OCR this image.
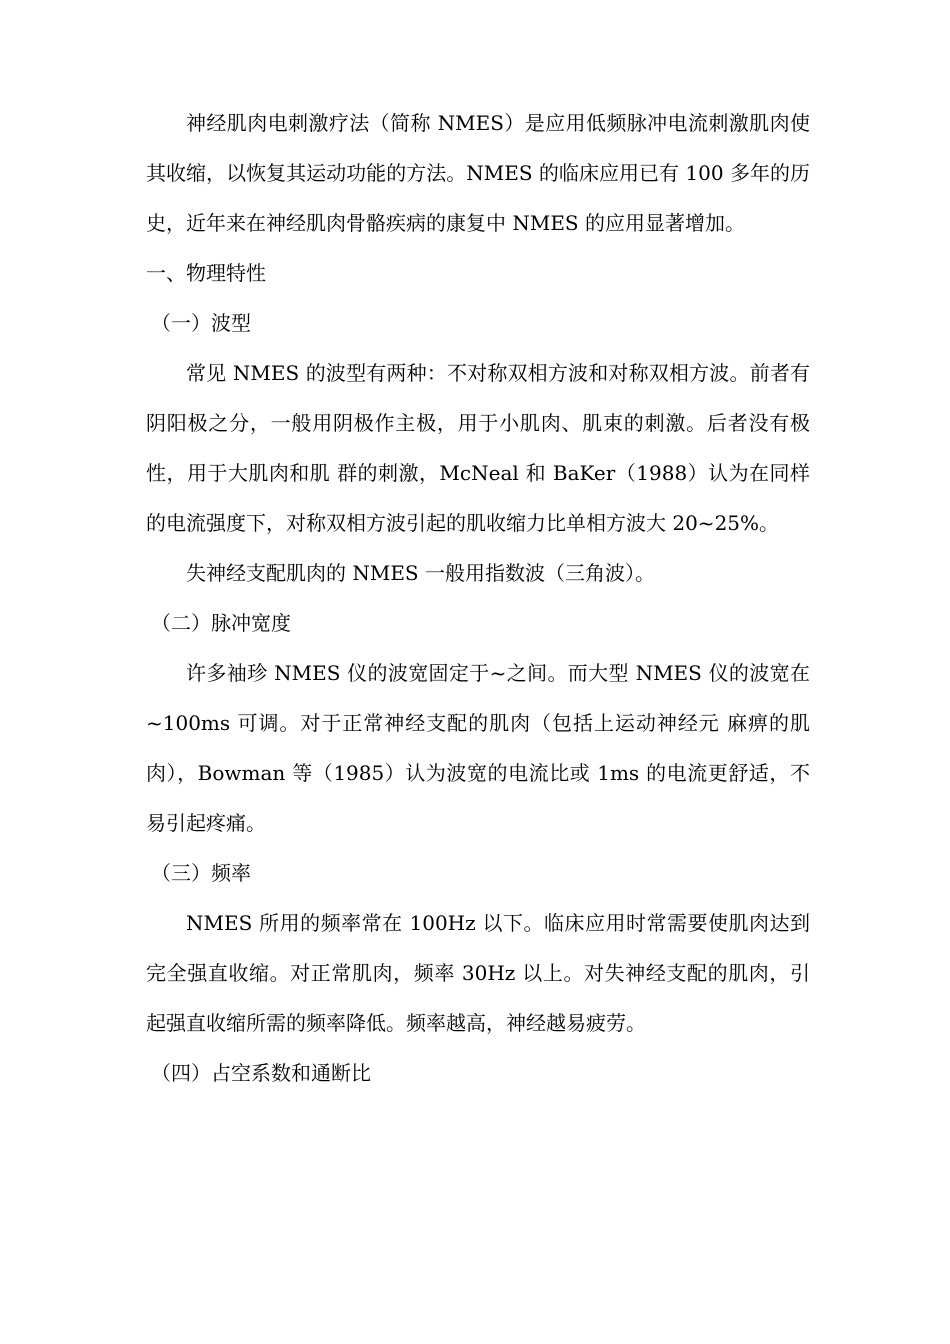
神经肌肉电刺激疗法（简称 NMES）是应用低频脉冲电流刺激肌肉使其收缩，以恢复其运动功能的方法。NMES 的临床应用已有 100 多年的历史，近年来在神经肌肉骨骼疾病的康复中 NMES 的应用显著增加。

一、物理特性

（一）波型

常见 NMES 的波型有两种：不对称双相方波和对称双相方波。前者有阴阳极之分，一般用阴极作主极，用于小肌肉、肌束的刺激。后者没有极性，用于大肌肉和肌 群的刺激，McNeal 和 BaKer（1988）认为在同样的电流强度下，对称双相方波引起的肌收缩力比单相方波大 20~25%。

失神经支配肌肉的 NMES 一般用指数波（三角波）。

（二）脉冲宽度

许多袖珍 NMES 仪的波宽固定于~之间。而大型 NMES 仪的波宽在~100ms 可调。对于正常神经支配的肌肉（包括上运动神经元 麻痹的肌肉），Bowman 等（1985）认为波宽的电流比或 1ms 的电流更舒适，不易引起疼痛。

（三）频率

NMES 所用的频率常在 100Hz 以下。临床应用时常需要使肌肉达到完全强直收缩。对正常肌肉，频率 30Hz 以上。对失神经支配的肌肉，引起强直收缩所需的频率降低。频率越高，神经越易疲劳。

（四）占空系数和通断比
